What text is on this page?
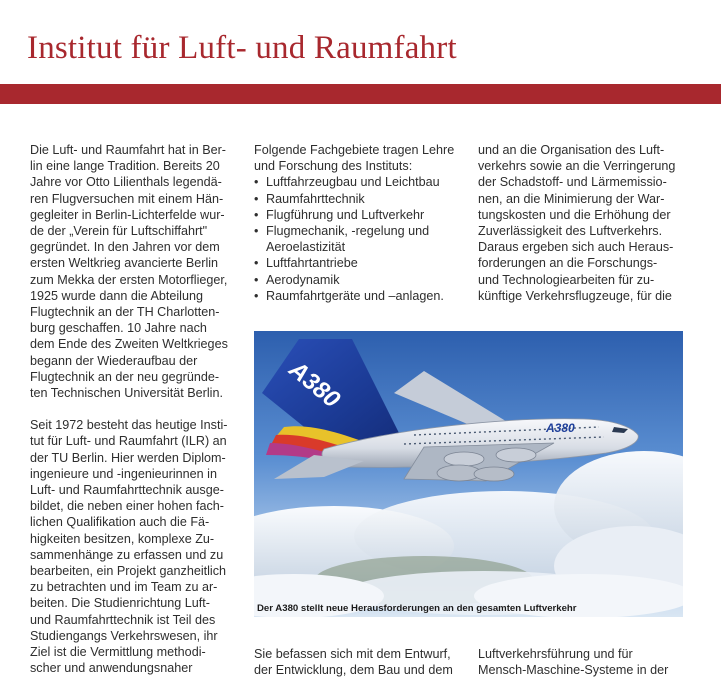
Institut für Luft- und Raumfahrt

Die Luft- und Raumfahrt hat in Ber-

lin eine lange Tradition. Bereits 20

Jahre vor Otto Lilienthals legendä-

ren Flugversuchen mit einem Hän-

gegleiter in Berlin-Lichterfelde wur-

de der „Verein für Luftschiffahrt"

gegründet. In den Jahren vor dem

ersten Weltkrieg avancierte Berlin

zum Mekka der ersten Motorflieger,

1925 wurde dann die Abteilung

Flugtechnik an der TH Charlotten-

burg geschaffen. 10 Jahre nach

dem Ende des Zweiten Weltkrieges

begann der Wiederaufbau der

Flugtechnik an der neu gegründe-

ten Technischen Universität Berlin.

Seit 1972 besteht das heutige Insti-

tut für Luft- und Raumfahrt (ILR) an

der TU Berlin. Hier werden Diplom-

ingenieure und -ingenieurinnen in

Luft- und Raumfahrttechnik ausge-

bildet, die neben einer hohen fach-

lichen Qualifikation auch die Fä-

higkeiten besitzen, komplexe Zu-

sammenhänge zu erfassen und zu

bearbeiten, ein Projekt ganzheitlich

zu betrachten und im Team zu ar-

beiten. Die Studienrichtung Luft-

und Raumfahrttechnik ist Teil des

Studiengangs Verkehrswesen, ihr

Ziel ist die Vermittlung methodi-

scher und anwendungsnaher

Folgende Fachgebiete tragen Lehre

und Forschung des Instituts:

• Luftfahrzeugbau und Leichtbau
• Raumfahrttechnik
• Flugführung und Luftverkehr
• Flugmechanik, -regelung und
Aeroelastizität
• Luftfahrtantriebe
• Aerodynamik
• Raumfahrtgeräte und –anlagen.

und an die Organisation des Luft-

verkehrs sowie an die Verringerung

der Schadstoff- und Lärmemissio-

nen, an die Minimierung der War-

tungskosten und die Erhöhung der

Zuverlässigkeit des Luftverkehrs.

Daraus ergeben sich auch Heraus-

forderungen an die Forschungs-

und Technologiearbeiten für zu-

künftige Verkehrsflugzeuge, für die

A380
A380
Der A380 stellt neue Herausforderungen an den gesamten Luftverkehr

Sie befassen sich mit dem Entwurf,

der Entwicklung, dem Bau und dem

Luftverkehrsführung und für

Mensch-Maschine-Systeme in der
